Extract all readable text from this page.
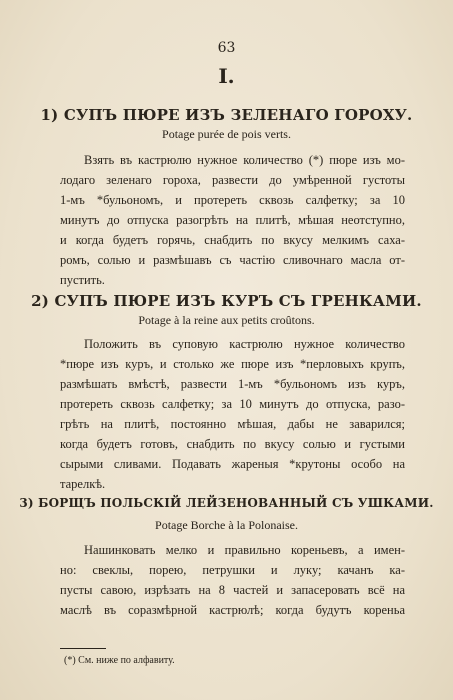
63
I.
1) СУПЪ ПЮРЕ ИЗЪ ЗЕЛЕНАГО ГОРОХУ.
Potage purée de pois verts.
Взять въ кастрюлю нужное количество (*) пюре изъ мо-
лодаго зеленаго гороха, развести до умѣренной густоты
1-мъ *бульономъ, и протереть сквозь салфетку; за 10
минутъ до отпуска разогрѣть на плитѣ, мѣшая неотступно,
и когда будетъ горячь, снабдить по вкусу мелкимъ саха-
ромъ, солью и размѣшавъ съ частію сливочнаго масла от-
пустить.
2) СУПЪ ПЮРЕ ИЗЪ КУРЪ СЪ ГРЕНКАМИ.
Potage à la reine aux petits croûtons.
Положить въ суповую кастрюлю нужное количество
*пюре изъ куръ, и столько же пюре изъ *перловыхъ крупъ,
размѣшать вмѣстѣ, развести 1-мъ *бульономъ изъ куръ,
протереть сквозь салфетку; за 10 минутъ до отпуска, разо-
грѣть на плитѣ, постоянно мѣшая, дабы не заварился;
когда будетъ готовъ, снабдить по вкусу солью и густыми
сырыми сливами. Подавать жареныя *крутоны особо на
тарелкѣ.
3) БОРЩЪ ПОЛЬСКІЙ ЛЕЙЗЕНОВАННЫЙ СЪ УШКАМИ.
Potage Borche à la Polonaise.
Нашинковать мелко и правильно кореньевъ, а имен-
но: свеклы, порею, петрушки и луку; качанъ ка-
пусты савою, изрѣзать на 8 частей и запасеровать всё на
маслѣ въ соразмѣрной кастрюлѣ; когда будутъ кореньа
(*) См. ниже по алфавиту.
